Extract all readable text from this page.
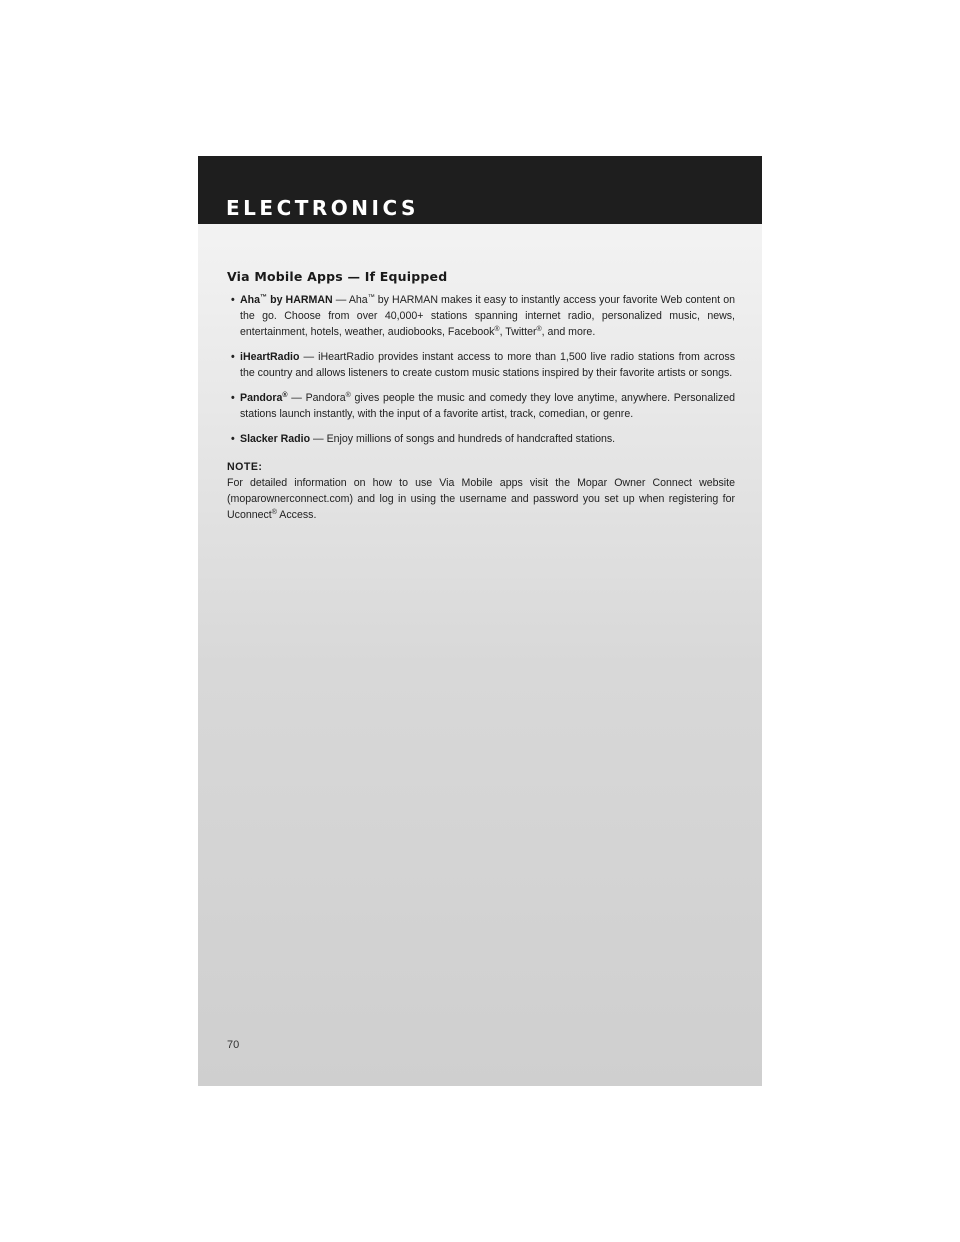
ELECTRONICS
Via Mobile Apps — If Equipped
• Aha™ by HARMAN — Aha™ by HARMAN makes it easy to instantly access your favorite Web content on the go. Choose from over 40,000+ stations spanning internet radio, personalized music, news, entertainment, hotels, weather, audiobooks, Facebook®, Twitter®, and more.
• iHeartRadio — iHeartRadio provides instant access to more than 1,500 live radio stations from across the country and allows listeners to create custom music stations inspired by their favorite artists or songs.
• Pandora® — Pandora® gives people the music and comedy they love anytime, anywhere. Personalized stations launch instantly, with the input of a favorite artist, track, comedian, or genre.
• Slacker Radio — Enjoy millions of songs and hundreds of handcrafted stations.

NOTE:

For detailed information on how to use Via Mobile apps visit the Mopar Owner Connect website (moparownerconnect.com) and log in using the username and password you set up when registering for Uconnect® Access.

70
